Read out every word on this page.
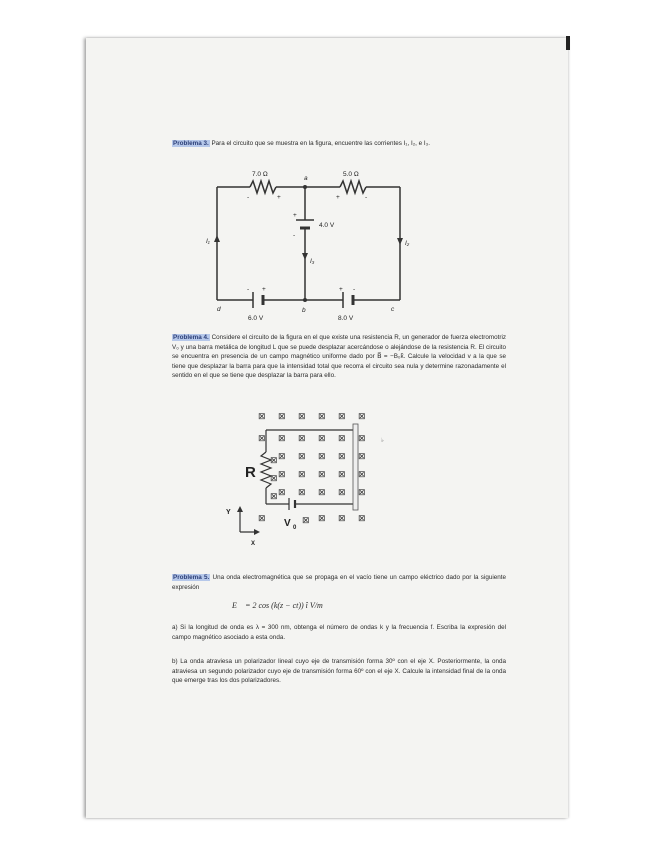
Problema 3. Para el circuito que se muestra en la figura, encuentre las corrientes I₁, I₂, e I₃.
7.0 Ω	5.0 Ω
4.0 V
6.0 V	8.0 V
a
b	c
d
I₁	I₂
I₃
-	+	+	-
+
-
- +	+ -
Problema 4. Considere el circuito de la figura en el que existe una resistencia R, un generador de fuerza electromotriz V₀ y una barra metálica de longitud L que se puede desplazar acercándose o alejándose de la resistencia R. El circuito se encuentra en presencia de un campo magnético uniforme dado por B⃗ = −B₀k̂. Calcule la velocidad v a la que se tiene que desplazar la barra para que la intensidad total que recorra el circuito sea nula y determine razonadamente el sentido en el que se tiene que desplazar la barra para ello.
⊠ ⊠ ⊠ ⊠ ⊠ ⊠
⊠ ⊠ ⊠ ⊠ ⊠ ⊠
⊠ ⊠ ⊠ ⊠ ⊠
⊠ ⊠ ⊠ ⊠ ⊠
⊠ ⊠ ⊠ ⊠ ⊠
⊠	⊠ ⊠ ⊠
⊠
⊠
⊠
⊠
Y
X
R
V 0
♭
Problema 5. Una onda electromagnética que se propaga en el vacío tiene un campo eléctrico dado por la siguiente expresión
E⃗ = 2 cos (k(z − ct)) î V/m
a) Si la longitud de onda es λ = 300 nm, obtenga el número de ondas k y la frecuencia f. Escriba la expresión del campo magnético asociado a esta onda.
b) La onda atraviesa un polarizador lineal cuyo eje de transmisión forma 30º con el eje X. Posteriormente, la onda atraviesa un segundo polarizador cuyo eje de transmisión forma 60º con el eje X. Calcule la intensidad final de la onda que emerge tras los dos polarizadores.
